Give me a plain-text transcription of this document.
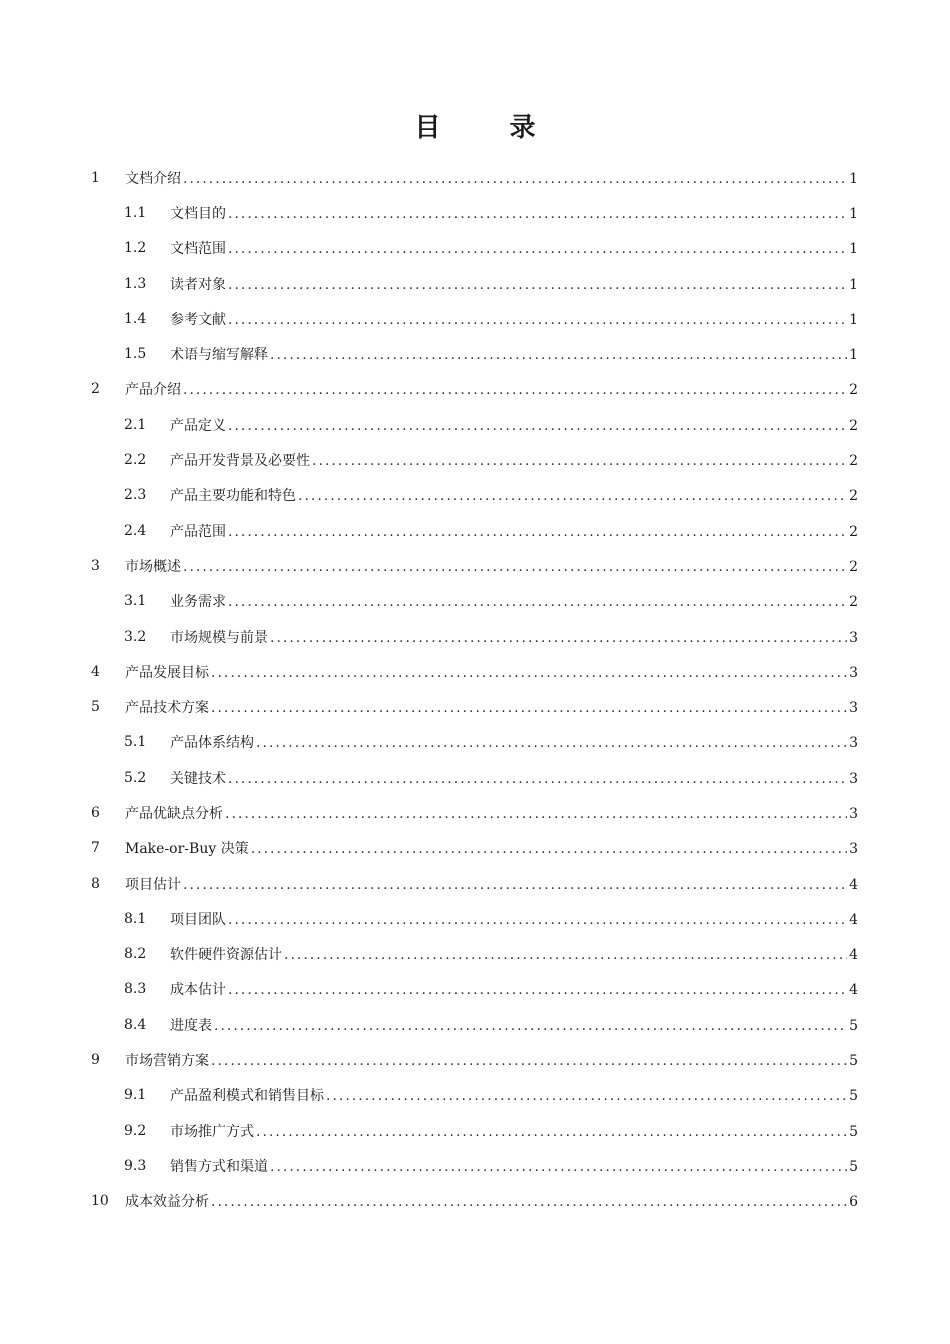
目 录
1 文档介绍 .....	1
1.1 文档目的 .....	1
1.2 文档范围 .....	1
1.3 读者对象 .....	1
1.4 参考文献 .....	1
1.5 术语与缩写解释 .....	1
2 产品介绍 .....	2
2.1 产品定义 .....	2
2.2 产品开发背景及必要性 .....	2
2.3 产品主要功能和特色 .....	2
2.4 产品范围 .....	2
3 市场概述 .....	2
3.1 业务需求 .....	2
3.2 市场规模与前景 .....	3
4 产品发展目标 .....	3
5 产品技术方案 .....	3
5.1 产品体系结构 .....	3
5.2 关键技术 .....	3
6 产品优缺点分析 .....	3
7 Make-or-Buy 决策 .....	3
8 项目估计 .....	4
8.1 项目团队 .....	4
8.2 软件硬件资源估计 .....	4
8.3 成本估计 .....	4
8.4 进度表 .....	5
9 市场营销方案 .....	5
9.1 产品盈利模式和销售目标 .....	5
9.2 市场推广方式 .....	5
9.3 销售方式和渠道 .....	5
10 成本效益分析 .....	6
